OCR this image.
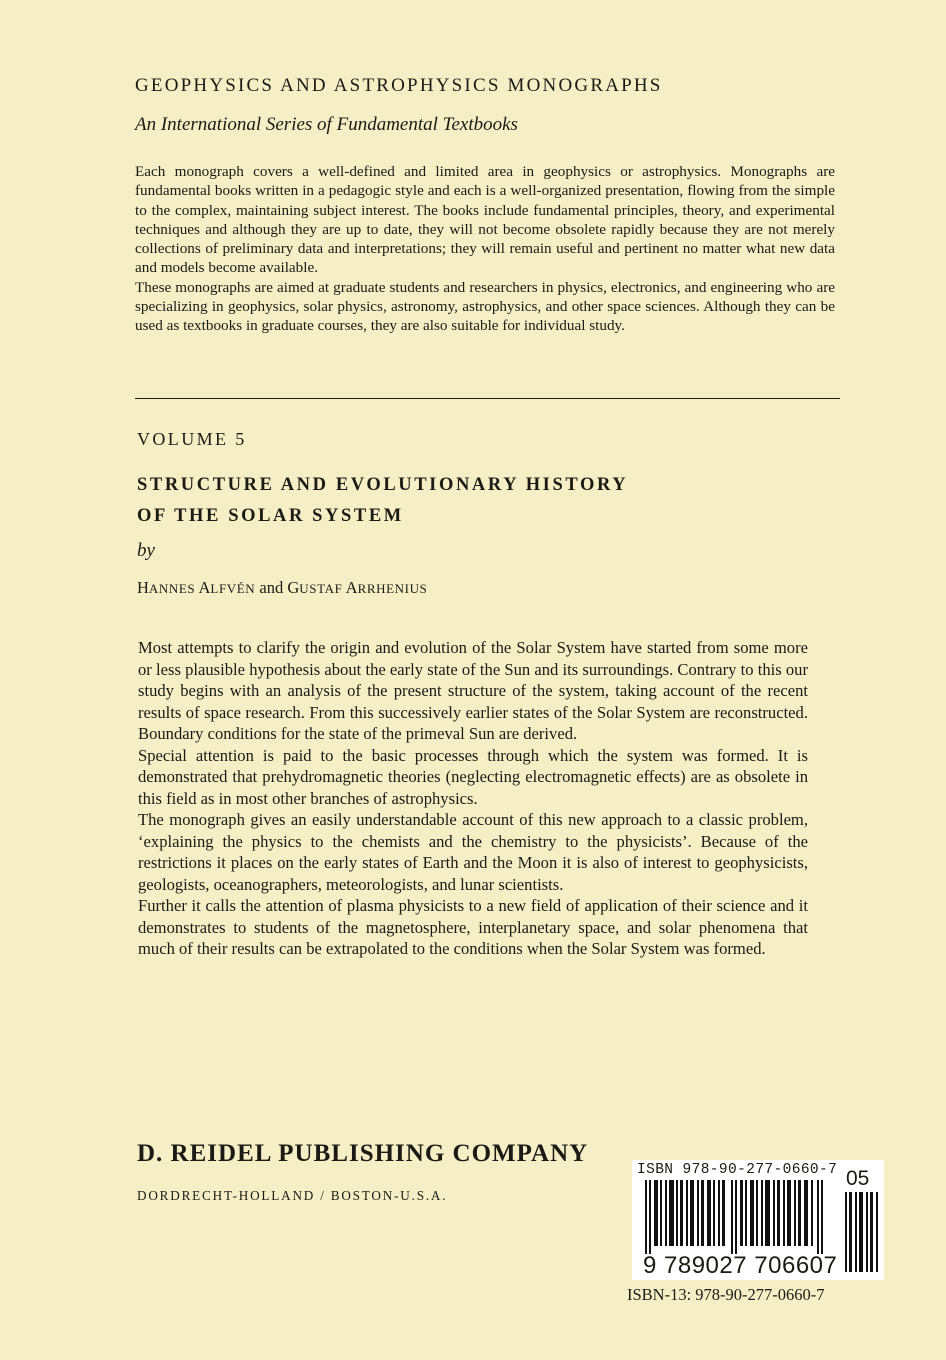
GEOPHYSICS AND ASTROPHYSICS MONOGRAPHS
An International Series of Fundamental Textbooks

Each monograph covers a well-defined and limited area in geophysics or astrophysics. Monographs are fundamental books written in a pedagogic style and each is a well-organized presentation, flowing from the simple to the complex, maintaining subject interest. The books include fundamental principles, theory, and experimental techniques and although they are up to date, they will not become obsolete rapidly because they are not merely collections of preliminary data and interpretations; they will remain useful and pertinent no matter what new data and models become available.

These monographs are aimed at graduate students and researchers in physics, electronics, and engineering who are specializing in geophysics, solar physics, astronomy, astrophysics, and other space sciences. Although they can be used as textbooks in graduate courses, they are also suitable for individual study.

VOLUME 5
STRUCTURE AND EVOLUTIONARY HISTORY
OF THE SOLAR SYSTEM
by
HANNES ALFVÉN and GUSTAF ARRHENIUS

Most attempts to clarify the origin and evolution of the Solar System have started from some more or less plausible hypothesis about the early state of the Sun and its surroundings. Contrary to this our study begins with an analysis of the present structure of the system, taking account of the recent results of space research. From this successively earlier states of the Solar System are reconstructed. Boundary conditions for the state of the primeval Sun are derived.

Special attention is paid to the basic processes through which the system was formed. It is demonstrated that prehydromagnetic theories (neglecting electromagnetic effects) are as obsolete in this field as in most other branches of astrophysics.

The monograph gives an easily understandable account of this new approach to a classic problem, ‘explaining the physics to the chemists and the chemistry to the physicists’. Because of the restrictions it places on the early states of Earth and the Moon it is also of interest to geophysicists, geologists, oceanographers, meteorologists, and lunar scientists.

Further it calls the attention of plasma physicists to a new field of application of their science and it demonstrates to students of the magnetosphere, interplanetary space, and solar phenomena that much of their results can be extrapolated to the conditions when the Solar System was formed.

D. REIDEL PUBLISHING COMPANY
DORDRECHT-HOLLAND / BOSTON-U.S.A.
ISBN 978-90-277-0660-7
9 789027 706607
05
ISBN-13: 978-90-277-0660-7
